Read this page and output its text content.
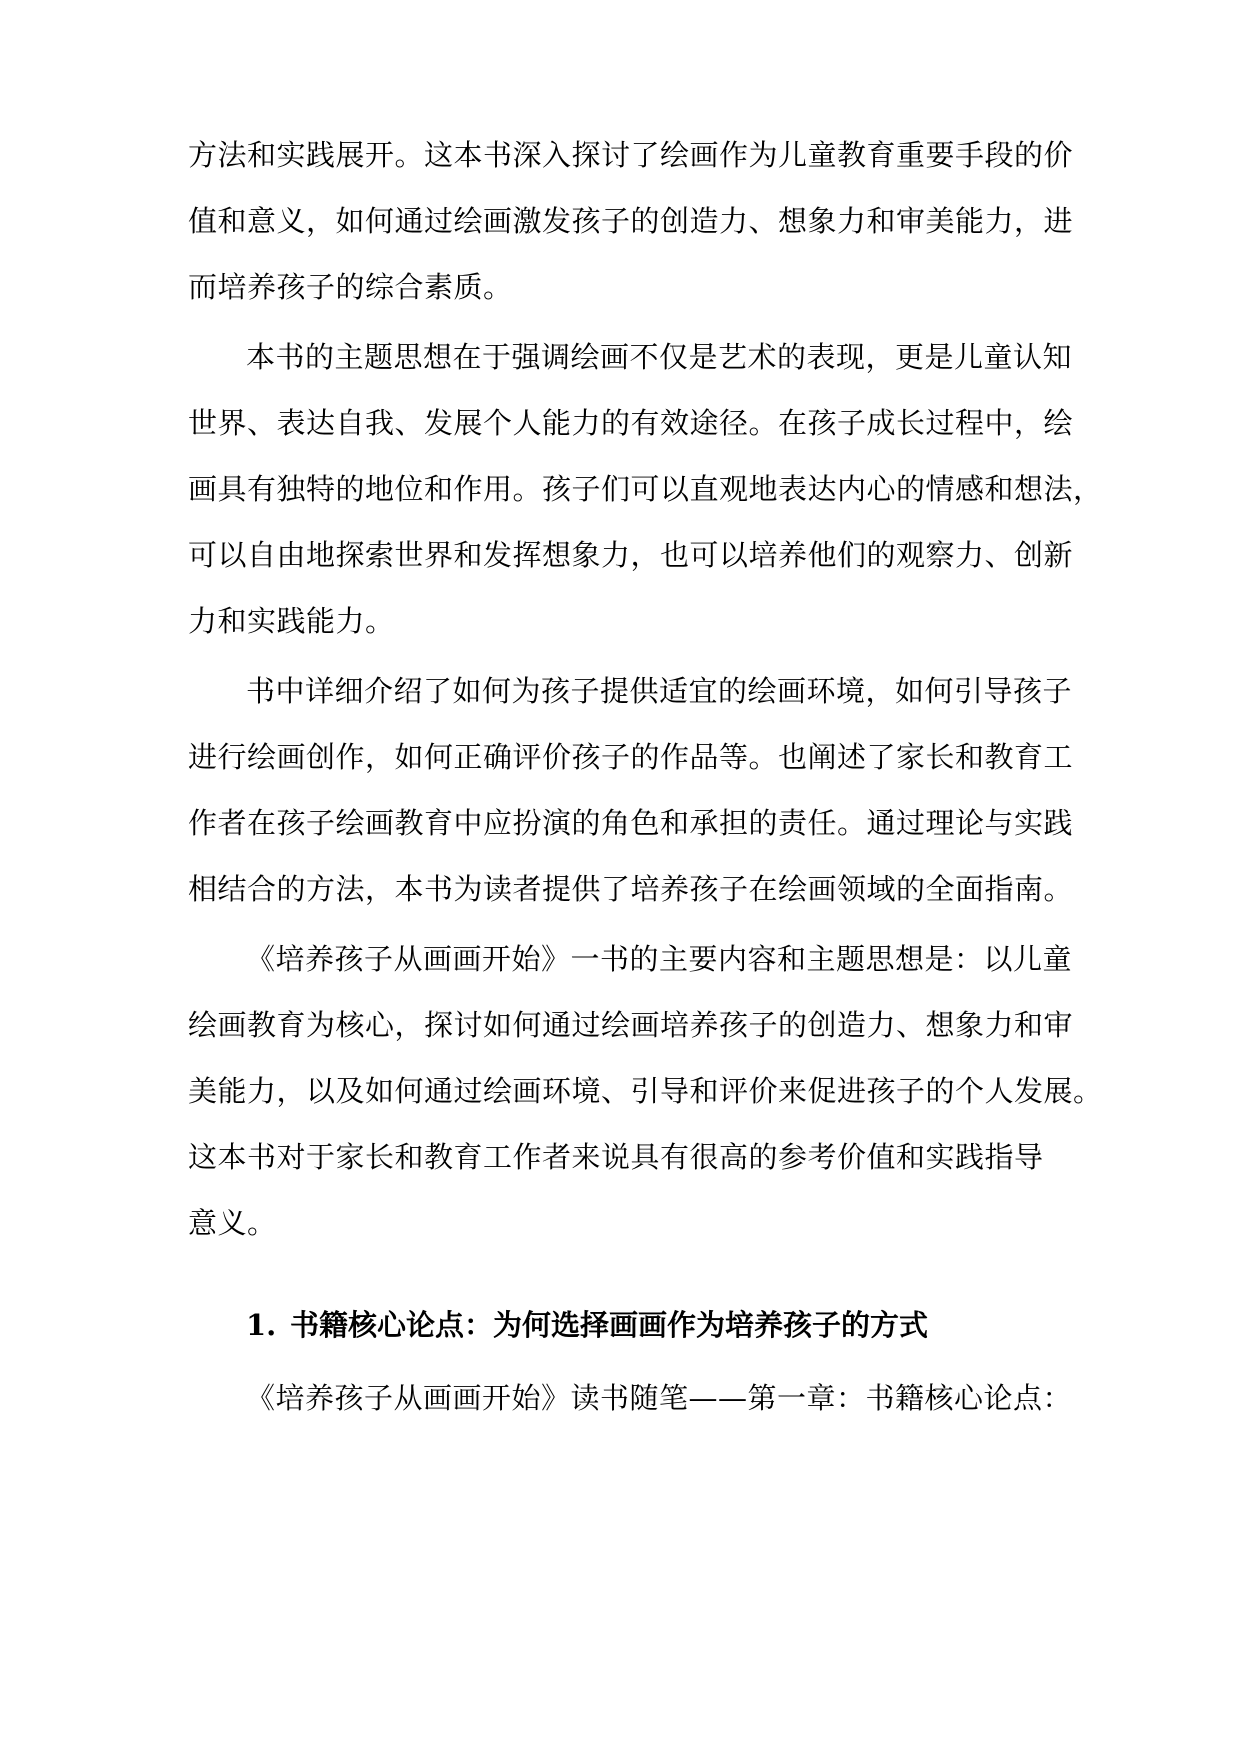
方法和实践展开。这本书深入探讨了绘画作为儿童教育重要手段的价
值和意义，如何通过绘画激发孩子的创造力、想象力和审美能力，进
而培养孩子的综合素质。
本书的主题思想在于强调绘画不仅是艺术的表现，更是儿童认知
世界、表达自我、发展个人能力的有效途径。在孩子成长过程中，绘
画具有独特的地位和作用。孩子们可以直观地表达内心的情感和想法，
可以自由地探索世界和发挥想象力，也可以培养他们的观察力、创新
力和实践能力。
书中详细介绍了如何为孩子提供适宜的绘画环境，如何引导孩子
进行绘画创作，如何正确评价孩子的作品等。也阐述了家长和教育工
作者在孩子绘画教育中应扮演的角色和承担的责任。通过理论与实践
相结合的方法，本书为读者提供了培养孩子在绘画领域的全面指南。
《培养孩子从画画开始》一书的主要内容和主题思想是：以儿童
绘画教育为核心，探讨如何通过绘画培养孩子的创造力、想象力和审
美能力，以及如何通过绘画环境、引导和评价来促进孩子的个人发展。
这本书对于家长和教育工作者来说具有很高的参考价值和实践指导
意义。
1. 书籍核心论点：为何选择画画作为培养孩子的方式
《培养孩子从画画开始》读书随笔——第一章：书籍核心论点：
